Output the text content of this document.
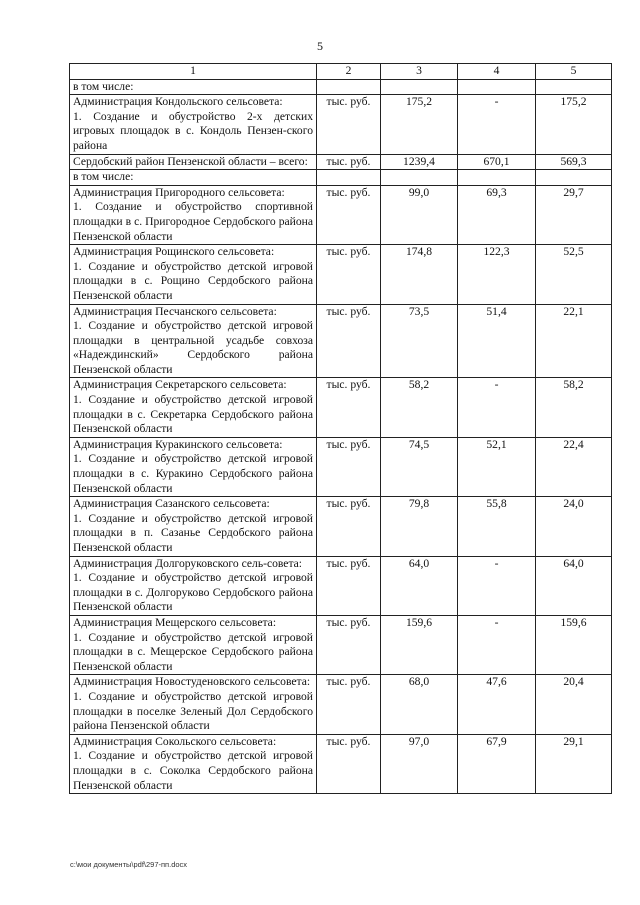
5
1	2	3	4	5

в том числе:				

Администрация Кондольского сельсовета:
1. Создание и обустройство 2-х детских игровых площадок в с. Кондоль Пензен-ского района	тыс. руб.	175,2	-	175,2

Сердобский район Пензенской области – всего:	тыс. руб.	1239,4	670,1	569,3

в том числе:				

Администрация Пригородного сельсовета:
1. Создание и обустройство спортивной площадки в с. Пригородное Сердобского района Пензенской области	тыс. руб.	99,0	69,3	29,7

Администрация Рощинского сельсовета:
1. Создание и обустройство детской игровой площадки в с. Рощино Сердобского района Пензенской области	тыс. руб.	174,8	122,3	52,5

Администрация Песчанского сельсовета:
1. Создание и обустройство детской игровой площадки в центральной усадьбе совхоза «Надеждинский» Сердобского района Пензенской области	тыс. руб.	73,5	51,4	22,1

Администрация Секретарского сельсовета:
1. Создание и обустройство детской игровой площадки в с. Секретарка Сердобского района Пензенской области	тыс. руб.	58,2	-	58,2

Администрация Куракинского сельсовета:
1. Создание и обустройство детской игровой площадки в с. Куракино Сердобского района Пензенской области	тыс. руб.	74,5	52,1	22,4

Администрация Сазанского сельсовета:
1. Создание и обустройство детской игровой площадки в п. Сазанье Сердобского района Пензенской области	тыс. руб.	79,8	55,8	24,0

Администрация Долгоруковского сель-совета:
1. Создание и обустройство детской игровой площадки в с. Долгоруково Сердобского района Пензенской области	тыс. руб.	64,0	-	64,0

Администрация Мещерского сельсовета:
1. Создание и обустройство детской игровой площадки в с. Мещерское Сердобского района Пензенской области	тыс. руб.	159,6	-	159,6

Администрация Новостуденовского сельсовета:
1. Создание и обустройство детской игровой площадки в поселке Зеленый Дол Сердобского района Пензенской области	тыс. руб.	68,0	47,6	20,4

Администрация Сокольского сельсовета:
1. Создание и обустройство детской игровой площадки в с. Соколка Сердобского района Пензенской области	тыс. руб.	97,0	67,9	29,1
c:\мои документы\pdf\297-пп.docx
